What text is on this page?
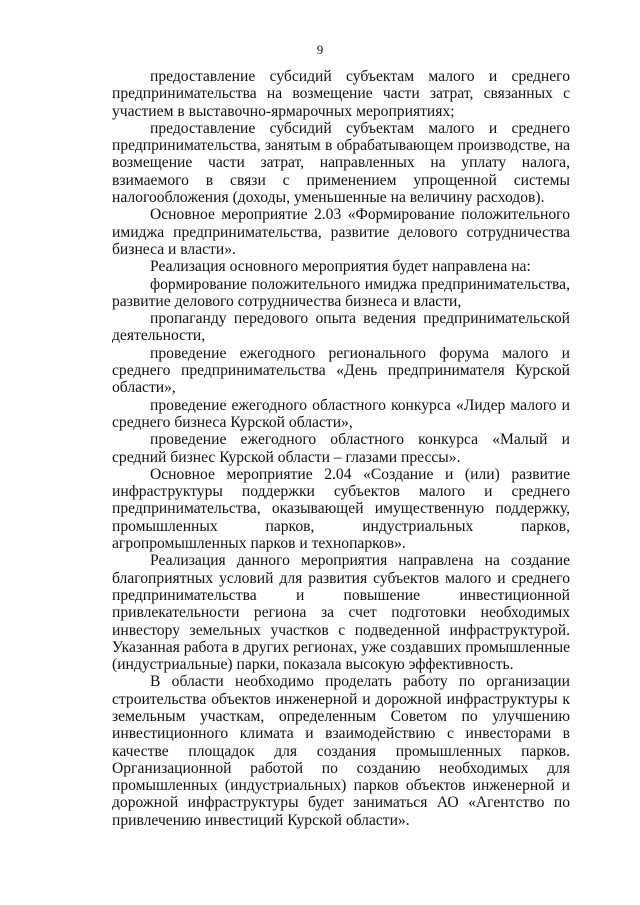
9

предоставление субсидий субъектам малого и среднего предпринимательства на возмещение части затрат, связанных с участием в выставочно-ярмарочных мероприятиях;

предоставление субсидий субъектам малого и среднего предпринимательства, занятым в обрабатывающем производстве, на возмещение части затрат, направленных на уплату налога, взимаемого в связи с применением упрощенной системы налогообложения (доходы, уменьшенные на величину расходов).

Основное мероприятие 2.03 «Формирование положительного имиджа предпринимательства, развитие делового сотрудничества бизнеса и власти».

Реализация основного мероприятия будет направлена на:

формирование положительного имиджа предпринимательства, развитие делового сотрудничества бизнеса и власти,

пропаганду передового опыта ведения предпринимательской деятельности,

проведение ежегодного регионального форума малого и среднего предпринимательства «День предпринимателя Курской области»,

проведение ежегодного областного конкурса «Лидер малого и среднего бизнеса Курской области»,

проведение ежегодного областного конкурса «Малый и средний бизнес Курской области – глазами прессы».

Основное мероприятие 2.04 «Создание и (или) развитие инфраструктуры поддержки субъектов малого и среднего предпринимательства, оказывающей имущественную поддержку, промышленных парков, индустриальных парков, агропромышленных парков и технопарков».

Реализация данного мероприятия направлена на создание благоприятных условий для развития субъектов малого и среднего предпринимательства и повышение инвестиционной привлекательности региона за счет подготовки необходимых инвестору земельных участков с подведенной инфраструктурой. Указанная работа в других регионах, уже создавших промышленные (индустриальные) парки, показала высокую эффективность.

В области необходимо проделать работу по организации строительства объектов инженерной и дорожной инфраструктуры к земельным участкам, определенным Советом по улучшению инвестиционного климата и взаимодействию с инвесторами в качестве площадок для создания промышленных парков. Организационной работой по созданию необходимых для промышленных (индустриальных) парков объектов инженерной и дорожной инфраструктуры будет заниматься АО «Агентство по привлечению инвестиций Курской области».
